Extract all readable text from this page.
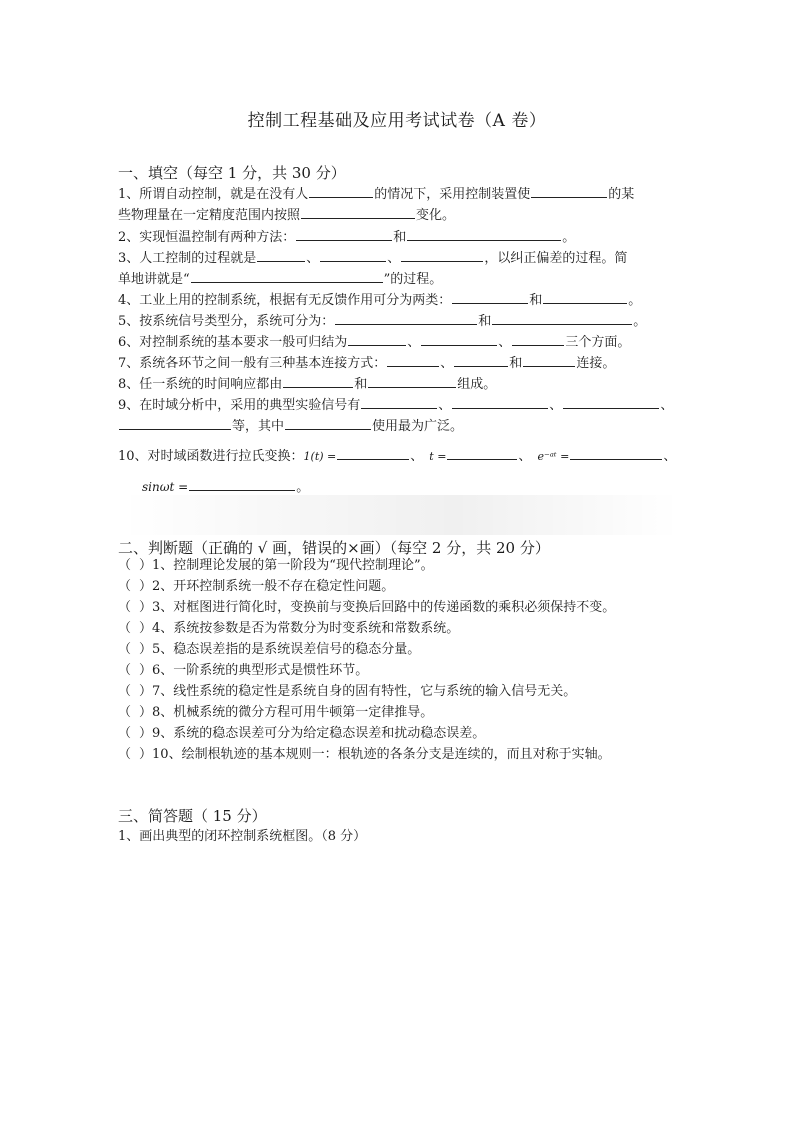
控制工程基础及应用考试试卷（A 卷）
一、填空（每空 1 分，共 30 分）
1、所谓自动控制，就是在没有人	的情况下，采用控制装置使	的某
些物理量在一定精度范围内按照	变化。
2、实现恒温控制有两种方法：	和	。
3、人工控制的过程就是	、	、	，以纠正偏差的过程。简
单地讲就是“	”的过程。
4、工业上用的控制系统，根据有无反馈作用可分为两类：	和	。
5、按系统信号类型分，系统可分为：	和	。
6、对控制系统的基本要求一般可归结为	、	、	三个方面。
7、系统各环节之间一般有三种基本连接方式：	、	和	连接。
8、任一系统的时间响应都由	和	组成。
9、在时域分析中，采用的典型实验信号有	、	、	、
等，其中	使用最为广泛。
10、对时域函数进行拉氏变换：1(t) =	、 t =	、 e⁻ᵃᵗ =	、
sinωt =	。
二、判断题（正确的 √ 画，错误的×画）（每空 2 分，共 20 分）
（ ）1、控制理论发展的第一阶段为“现代控制理论”。
（ ）2、开环控制系统一般不存在稳定性问题。
（ ）3、对框图进行简化时，变换前与变换后回路中的传递函数的乘积必须保持不变。
（ ）4、系统按参数是否为常数分为时变系统和常数系统。
（ ）5、稳态误差指的是系统误差信号的稳态分量。
（ ）6、一阶系统的典型形式是惯性环节。
（ ）7、线性系统的稳定性是系统自身的固有特性，它与系统的输入信号无关。
（ ）8、机械系统的微分方程可用牛顿第一定律推导。
（ ）9、系统的稳态误差可分为给定稳态误差和扰动稳态误差。
（ ）10、绘制根轨迹的基本规则一：根轨迹的各条分支是连续的，而且对称于实轴。
三、简答题（ 15 分）
1、画出典型的闭环控制系统框图。（8 分）
